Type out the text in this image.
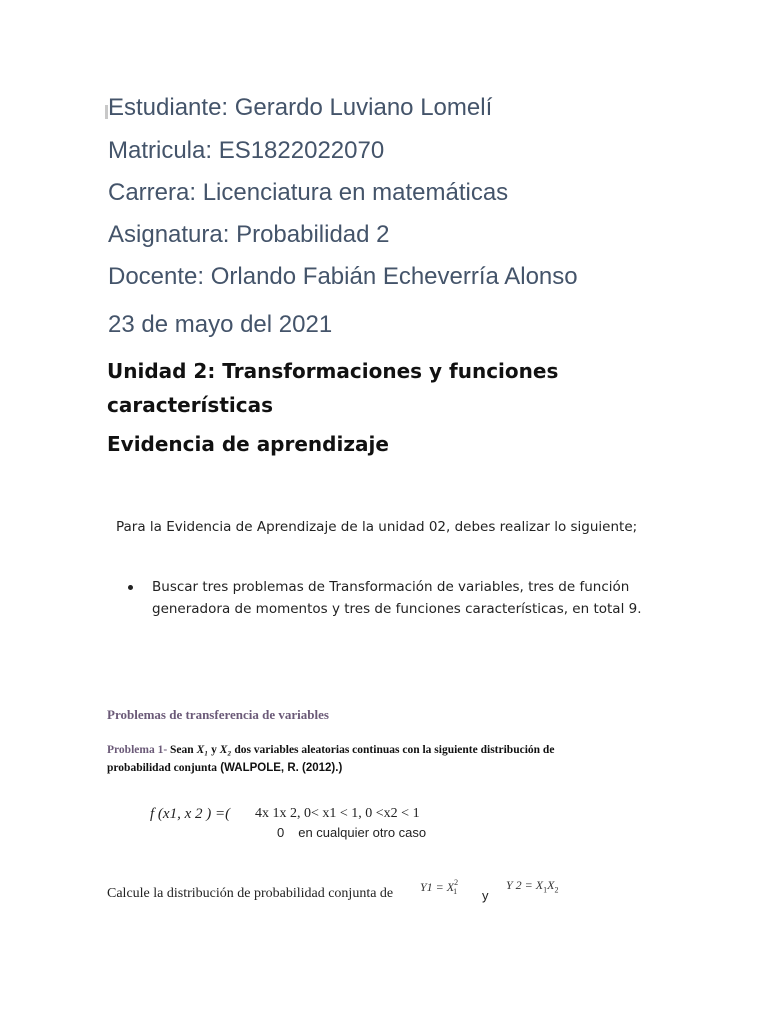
Estudiante: Gerardo Luviano Lomelí
Matricula: ES1822022070
Carrera: Licenciatura en matemáticas
Asignatura: Probabilidad 2
Docente: Orlando Fabián Echeverría Alonso
23 de mayo del 2021
Unidad 2: Transformaciones y funciones características
Evidencia de aprendizaje
Para la Evidencia de Aprendizaje de la unidad 02, debes realizar lo siguiente;
Buscar tres problemas de Transformación de variables, tres de función generadora de momentos y tres de funciones características, en total 9.
Problemas de transferencia de variables
Problema 1- Sean X₁ y X₂ dos variables aleatorias continuas con la siguiente distribución de probabilidad conjunta (WALPOLE, R. (2012).)
f (x1, x 2 ) =( 4x 1x 2, 0< x1 < 1, 0 <x2 < 1
0 en cualquier otro caso
Calcule la distribución de probabilidad conjunta de $Y1 = X^2_1$ y
Y $2 = X_1X_2$
